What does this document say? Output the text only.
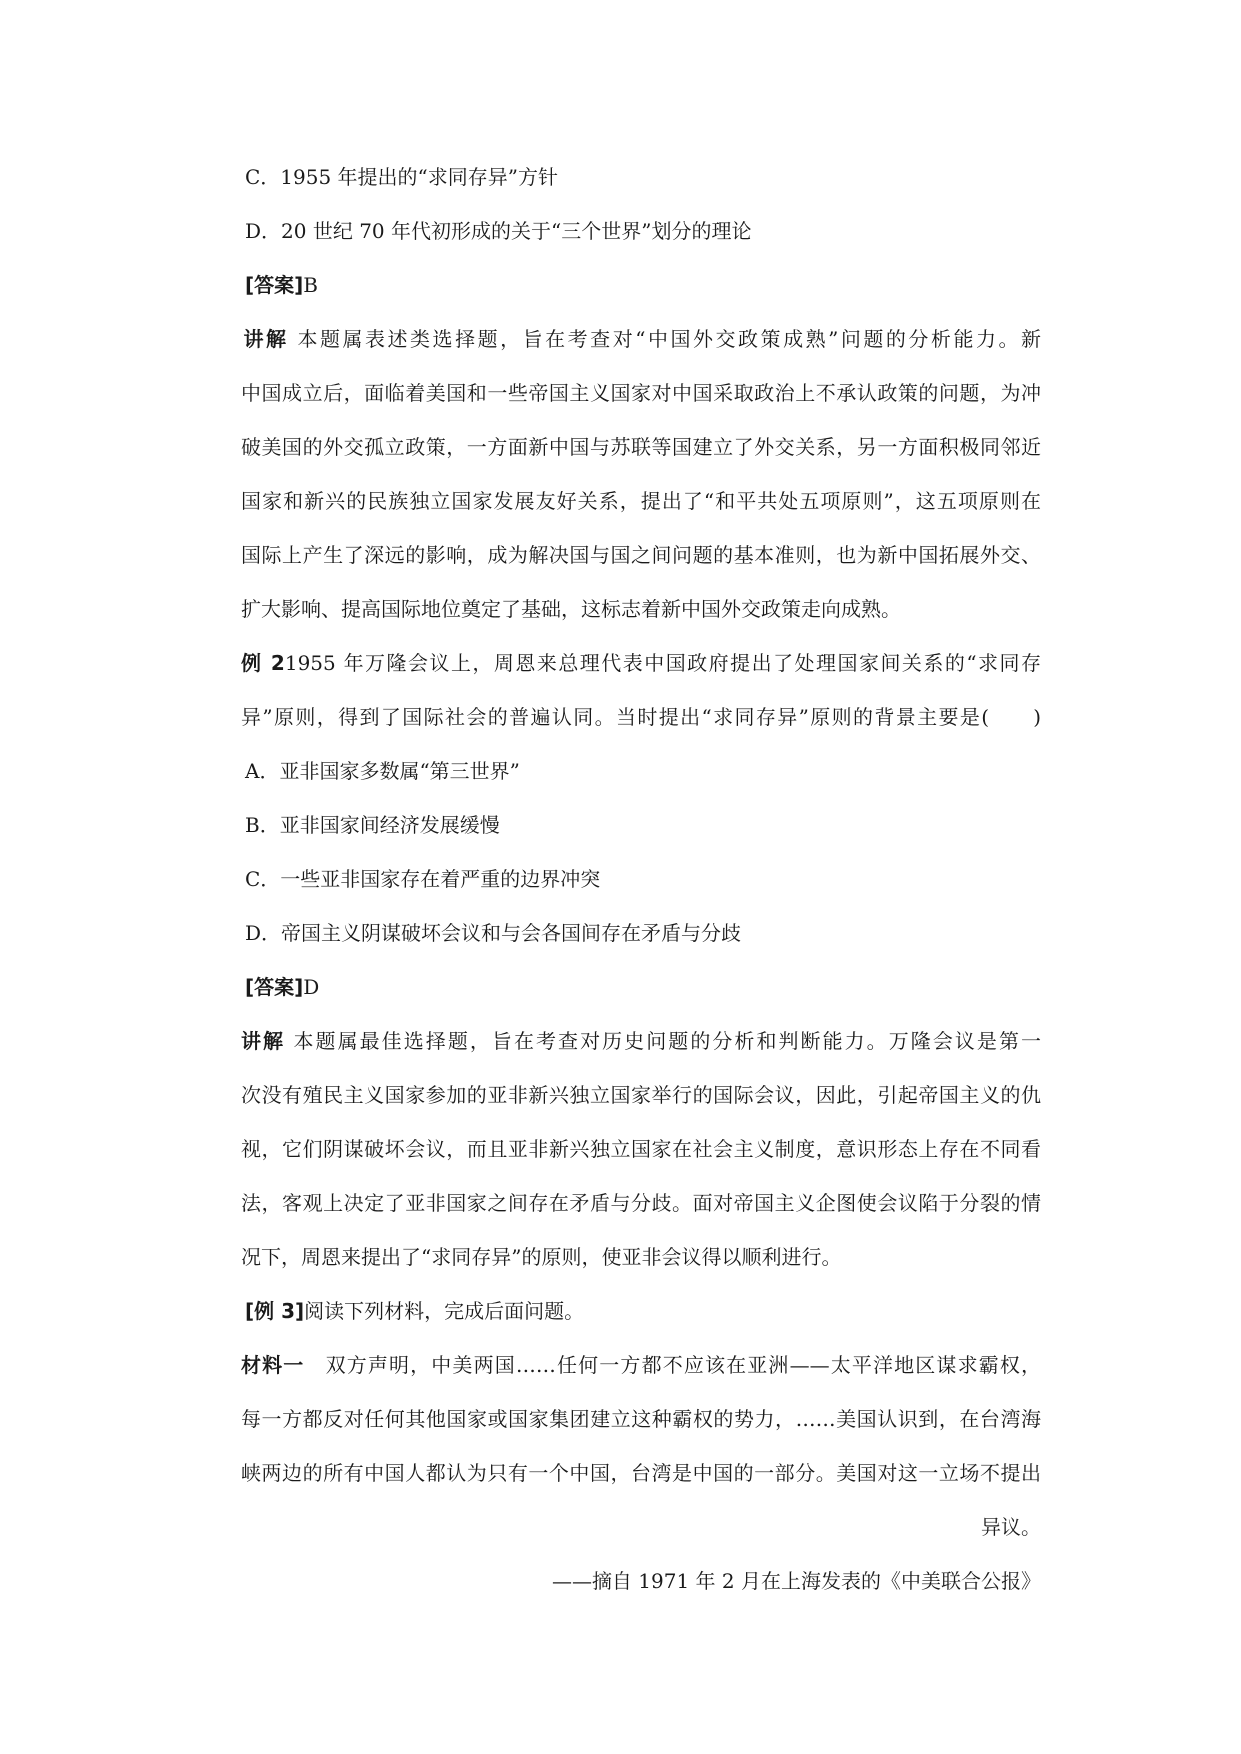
C．1955 年提出的“求同存异”方针
D．20 世纪 70 年代初形成的关于“三个世界”划分的理论
[答案]B
讲解 本题属表述类选择题，旨在考查对“中国外交政策成熟”问题的分析能力。新
中国成立后，面临着美国和一些帝国主义国家对中国采取政治上不承认政策的问题，为冲
破美国的外交孤立政策，一方面新中国与苏联等国建立了外交关系，另一方面积极同邻近
国家和新兴的民族独立国家发展友好关系，提出了“和平共处五项原则”，这五项原则在
国际上产生了深远的影响，成为解决国与国之间问题的基本准则，也为新中国拓展外交、
扩大影响、提高国际地位奠定了基础，这标志着新中国外交政策走向成熟。
例 21955 年万隆会议上，周恩来总理代表中国政府提出了处理国家间关系的“求同存
异”原则，得到了国际社会的普遍认同。当时提出“求同存异”原则的背景主要是(　　)
A．亚非国家多数属“第三世界”
B．亚非国家间经济发展缓慢
C．一些亚非国家存在着严重的边界冲突
D．帝国主义阴谋破坏会议和与会各国间存在矛盾与分歧
[答案]D
讲解 本题属最佳选择题，旨在考查对历史问题的分析和判断能力。万隆会议是第一
次没有殖民主义国家参加的亚非新兴独立国家举行的国际会议，因此，引起帝国主义的仇
视，它们阴谋破坏会议，而且亚非新兴独立国家在社会主义制度，意识形态上存在不同看
法，客观上决定了亚非国家之间存在矛盾与分歧。面对帝国主义企图使会议陷于分裂的情
况下，周恩来提出了“求同存异”的原则，使亚非会议得以顺利进行。
[例 3]阅读下列材料，完成后面问题。
材料一　双方声明，中美两国……任何一方都不应该在亚洲——太平洋地区谋求霸权，
每一方都反对任何其他国家或国家集团建立这种霸权的势力，……美国认识到，在台湾海
峡两边的所有中国人都认为只有一个中国，台湾是中国的一部分。美国对这一立场不提出
异议。
——摘自 1971 年 2 月在上海发表的《中美联合公报》
